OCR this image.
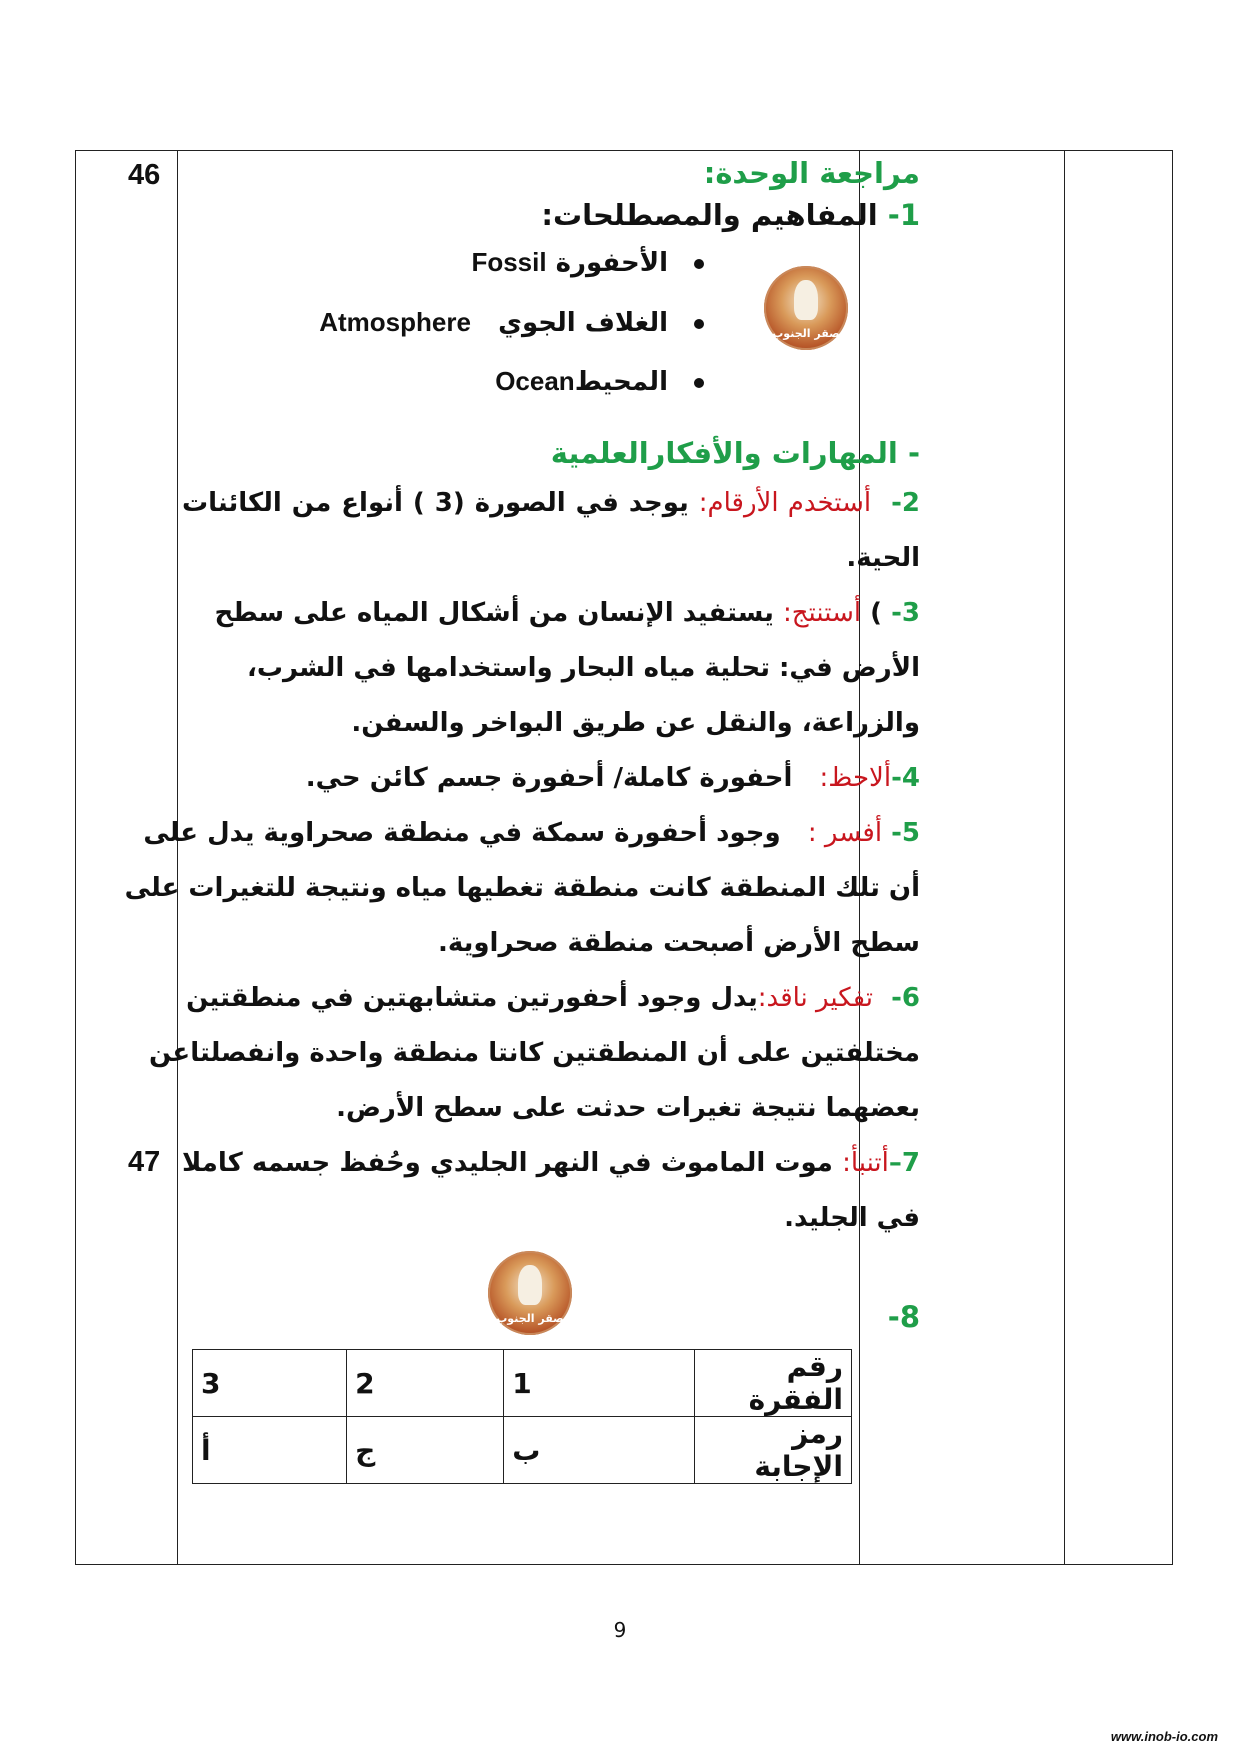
46
47
مراجعة الوحدة:
1- المفاهيم والمصطلحات:
الأحفورة Fossil
الغلاف الجوي   Atmosphere
المحيطOcean
صقر الجنوب
- المهارات والأفكارالعلمية
2-  أستخدم الأرقام: يوجد في الصورة (3 ) أنواع من الكائنات
الحية.
3- ) أستنتج: يستفيد الإنسان من أشكال المياه على سطح
الأرض في: تحلية مياه البحار واستخدامها في الشرب،
والزراعة، والنقل عن طريق البواخر والسفن.
4-ألاحظ:   أحفورة كاملة/ أحفورة جسم كائن حي.
5- أفسر :   وجود أحفورة سمكة في منطقة صحراوية يدل على
أن تلك المنطقة كانت منطقة تغطيها مياه ونتيجة للتغيرات على
سطح الأرض أصبحت منطقة صحراوية.
6-  تفكير ناقد:يدل وجود أحفورتين متشابهتين في منطقتين
مختلفتين على أن المنطقتين كانتا منطقة واحدة وانفصلتاعن
بعضهما نتيجة تغيرات حدثت على سطح الأرض.
7–أتنبأ: موت الماموث في النهر الجليدي وحُفظ جسمه كاملا
في الجليد.
صقر الجنوب	-8
رقم الفقرة	1	2	3
رمز الإجابة	ب	ج	أ
9
www.inob-io.com
